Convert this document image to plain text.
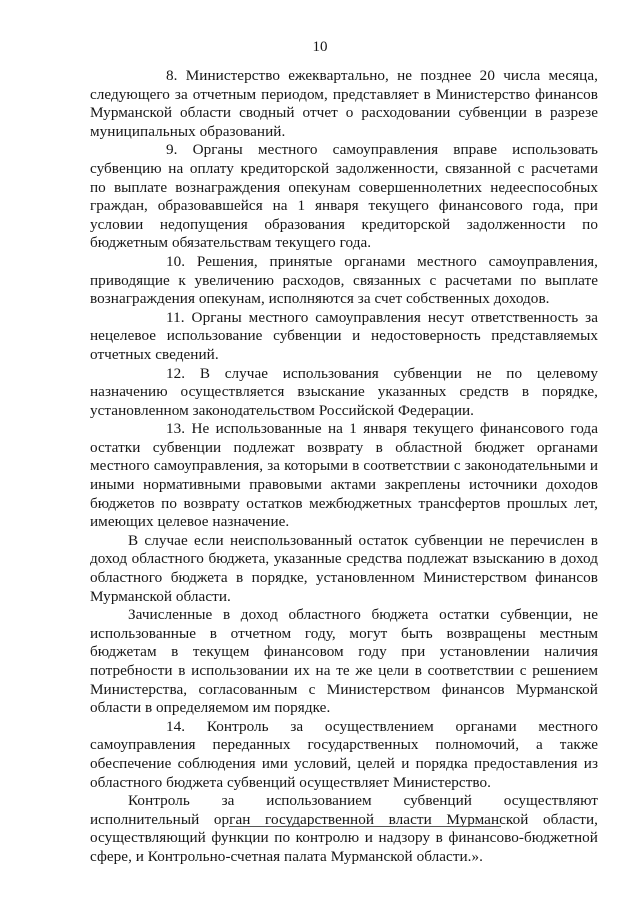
10

8. Министерство ежеквартально, не позднее 20 числа месяца, следующего за отчетным периодом, представляет в Министерство финансов Мурманской области сводный отчет о расходовании субвенции в разрезе муниципальных образований.

9. Органы местного самоуправления вправе использовать субвенцию на оплату кредиторской задолженности, связанной с расчетами по выплате вознаграждения опекунам совершеннолетних недееспособных граждан, образовавшейся на 1 января текущего финансового года, при условии недопущения образования кредиторской задолженности по бюджетным обязательствам текущего года.

10. Решения, принятые органами местного самоуправления, приводящие к увеличению расходов, связанных с расчетами по выплате вознаграждения опекунам, исполняются за счет собственных доходов.

11. Органы местного самоуправления несут ответственность за нецелевое использование субвенции и недостоверность представляемых отчетных сведений.

12. В случае использования субвенции не по целевому назначению осуществляется взыскание указанных средств в порядке, установленном законодательством Российской Федерации.

13. Не использованные на 1 января текущего финансового года остатки субвенции подлежат возврату в областной бюджет органами местного самоуправления, за которыми в соответствии с законодательными и иными нормативными правовыми актами закреплены источники доходов бюджетов по возврату остатков межбюджетных трансфертов прошлых лет, имеющих целевое назначение.

В случае если неиспользованный остаток субвенции не перечислен в доход областного бюджета, указанные средства подлежат взысканию в доход областного бюджета в порядке, установленном Министерством финансов Мурманской области.

Зачисленные в доход областного бюджета остатки субвенции, не использованные в отчетном году, могут быть возвращены местным бюджетам в текущем финансовом году при установлении наличия потребности в использовании их на те же цели в соответствии с решением Министерства, согласованным с Министерством финансов Мурманской области в определяемом им порядке.

14. Контроль за осуществлением органами местного самоуправления переданных государственных полномочий, а также обеспечение соблюдения ими условий, целей и порядка предоставления из областного бюджета субвенций осуществляет Министерство.

Контроль за использованием субвенций осуществляют исполнительный орган государственной власти Мурманской области, осуществляющий функции по контролю и надзору в финансово-бюджетной сфере, и Контрольно-счетная палата Мурманской области.».
